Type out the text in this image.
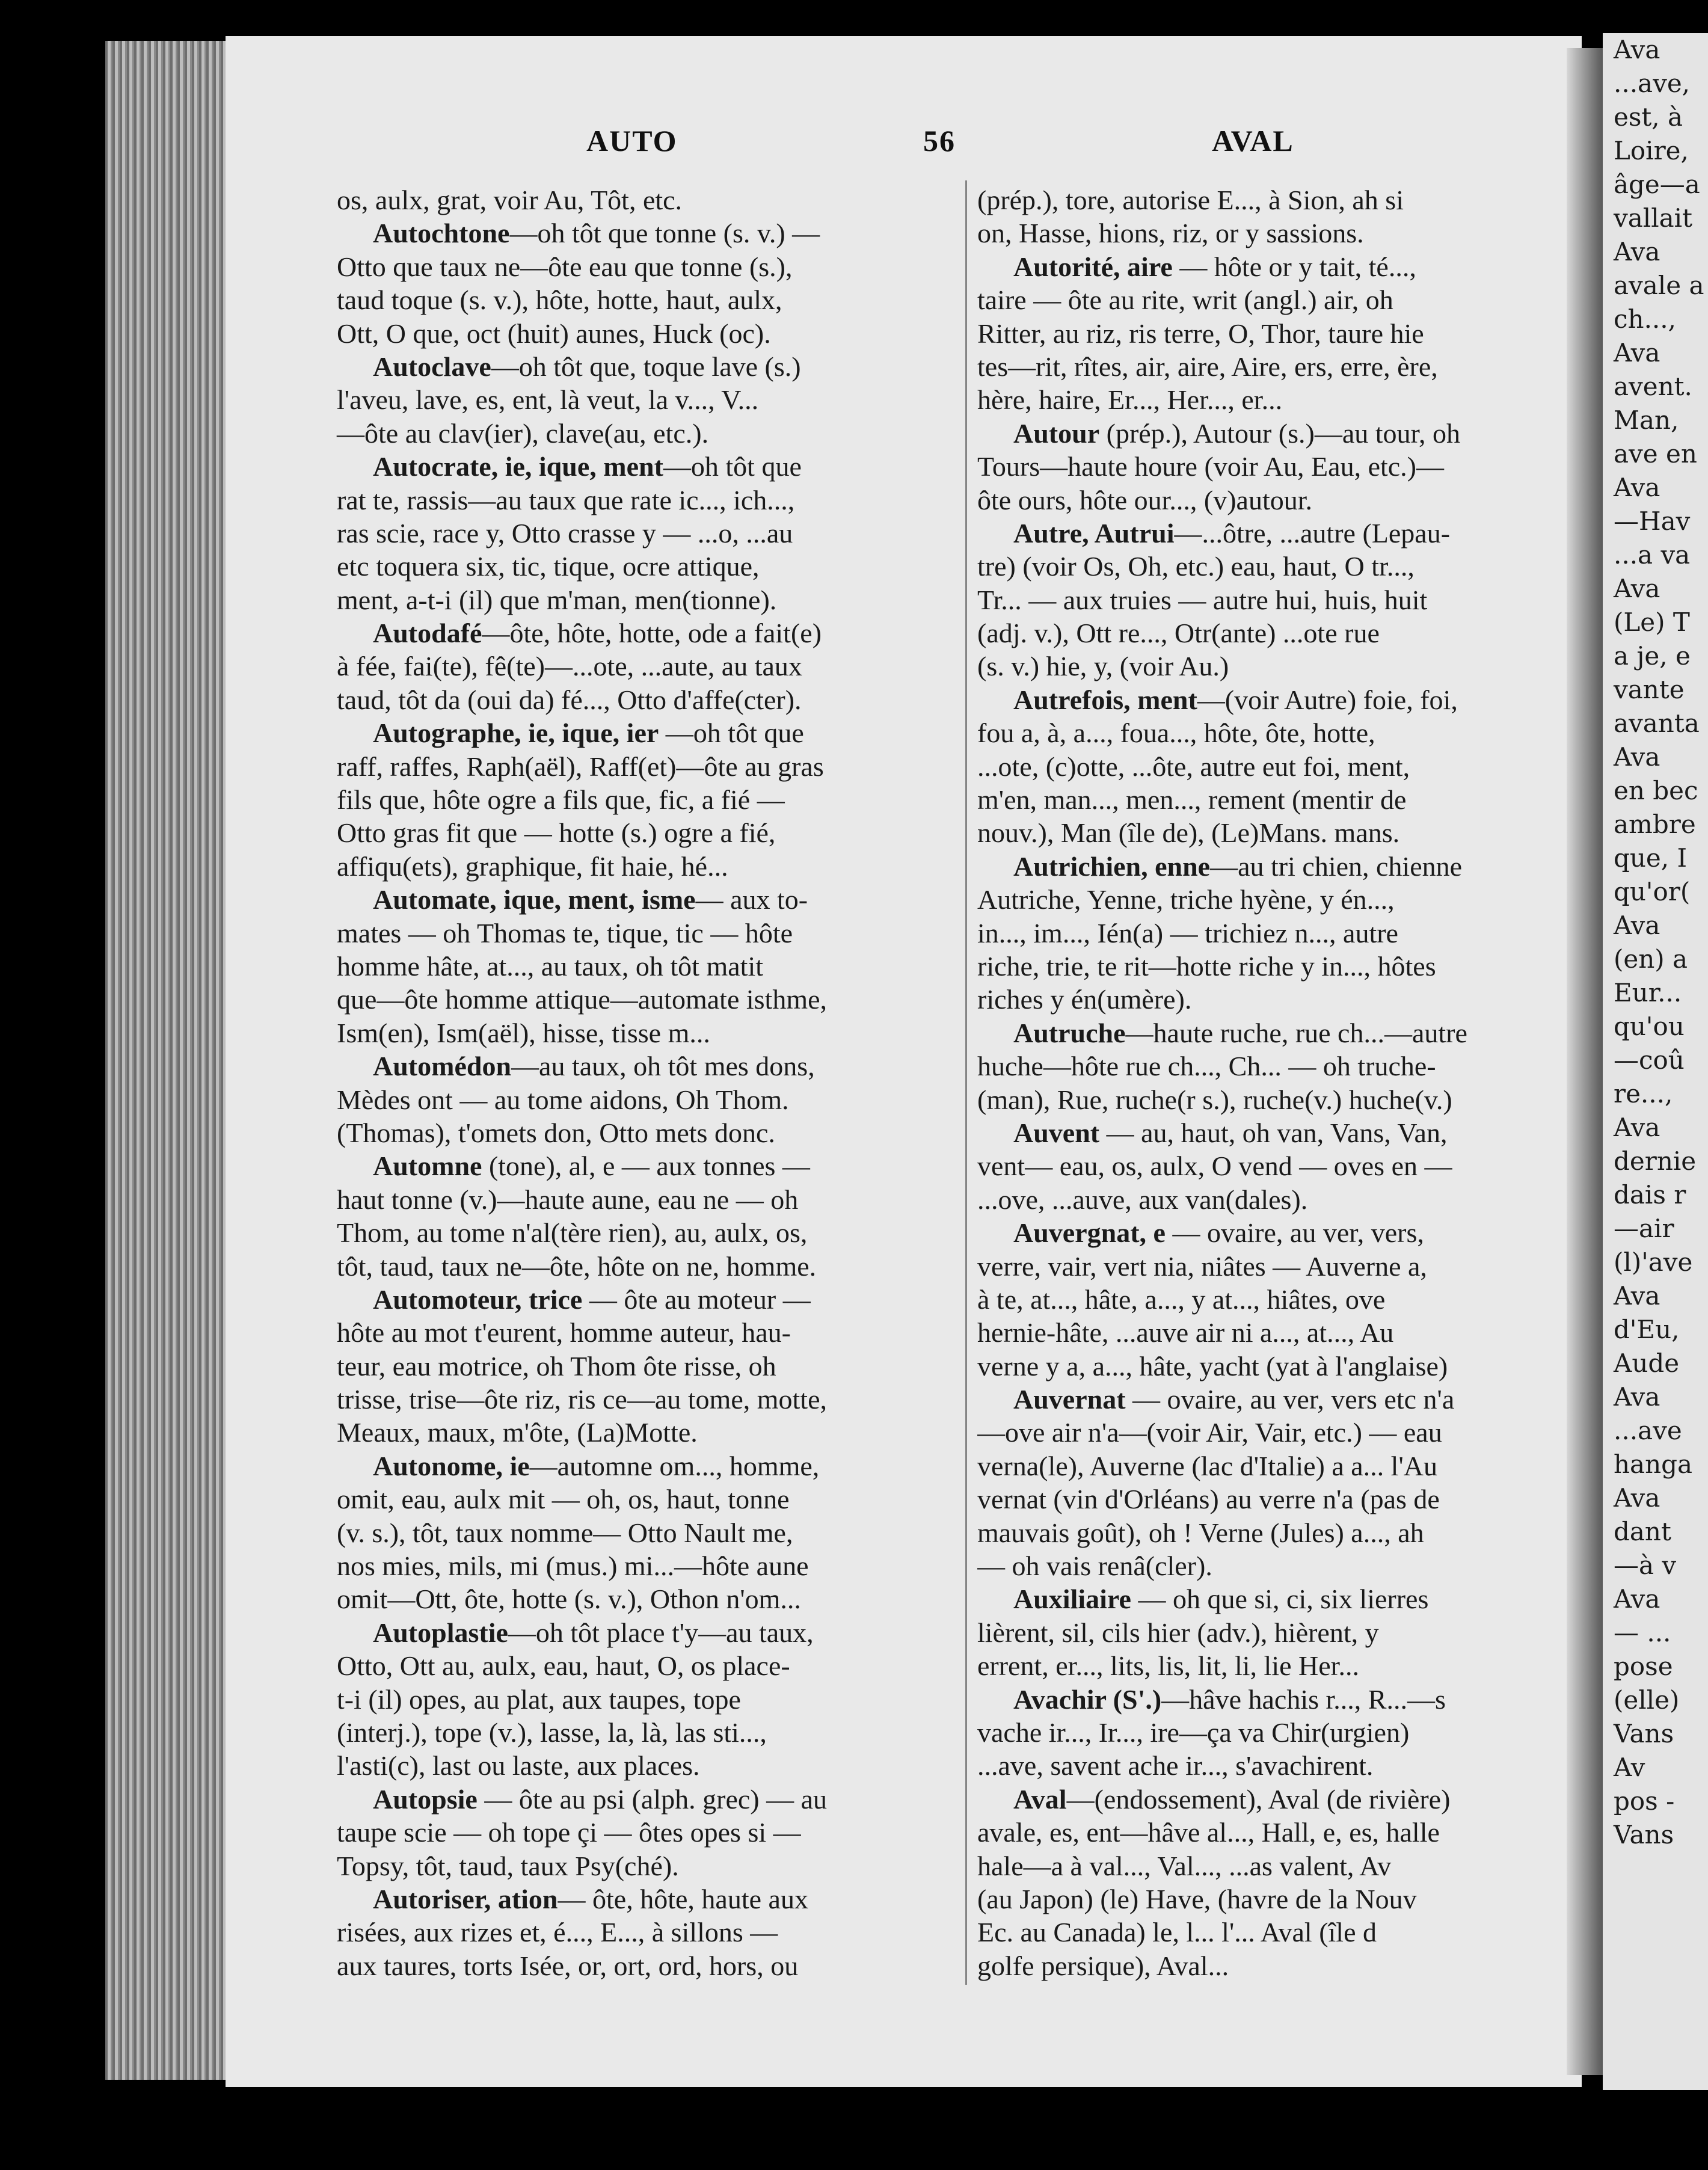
AUTO	56	AVAL
os, aulx, grat, voir Au, Tôt, etc.
Autochtone—oh tôt que tonne (s. v.) —
Otto que taux ne—ôte eau que tonne (s.),
taud toque (s. v.), hôte, hotte, haut, aulx,
Ott, O que, oct (huit) aunes, Huck (oc).
Autoclave—oh tôt que, toque lave (s.)
l'aveu, lave, es, ent, là veut, la v..., V...
—ôte au clav(ier), clave(au, etc.).
Autocrate, ie, ique, ment—oh tôt que
rat te, rassis—au taux que rate ic..., ich...,
ras scie, race y, Otto crasse y — ...o, ...au
etc toquera six, tic, tique, ocre attique,
ment, a-t-i (il) que m'man, men(tionne).
Autodafé—ôte, hôte, hotte, ode a fait(e)
à fée, fai(te), fê(te)—...ote, ...aute, au taux
taud, tôt da (oui da) fé..., Otto d'affe(cter).
Autographe, ie, ique, ier —oh tôt que
raff, raffes, Raph(aël), Raff(et)—ôte au gras
fils que, hôte ogre a fils que, fic, a fié —
Otto gras fit que — hotte (s.) ogre a fié,
affiqu(ets), graphique, fit haie, hé...
Automate, ique, ment, isme— aux to-
mates — oh Thomas te, tique, tic — hôte
homme hâte, at..., au taux, oh tôt matit
que—ôte homme attique—automate isthme,
Ism(en), Ism(aël), hisse, tisse m...
Automédon—au taux, oh tôt mes dons,
Mèdes ont — au tome aidons, Oh Thom.
(Thomas), t'omets don, Otto mets donc.
Automne (tone), al, e — aux tonnes —
haut tonne (v.)—haute aune, eau ne — oh
Thom, au tome n'al(tère rien), au, aulx, os,
tôt, taud, taux ne—ôte, hôte on ne, homme.
Automoteur, trice — ôte au moteur —
hôte au mot t'eurent, homme auteur, hau-
teur, eau motrice, oh Thom ôte risse, oh
trisse, trise—ôte riz, ris ce—au tome, motte,
Meaux, maux, m'ôte, (La)Motte.
Autonome, ie—automne om..., homme,
omit, eau, aulx mit — oh, os, haut, tonne
(v. s.), tôt, taux nomme— Otto Nault me,
nos mies, mils, mi (mus.) mi...—hôte aune
omit—Ott, ôte, hotte (s. v.), Othon n'om...
Autoplastie—oh tôt place t'y—au taux,
Otto, Ott au, aulx, eau, haut, O, os place-
t-i (il) opes, au plat, aux taupes, tope
(interj.), tope (v.), lasse, la, là, las sti...,
l'asti(c), last ou laste, aux places.
Autopsie — ôte au psi (alph. grec) — au
taupe scie — oh tope çi — ôtes opes si —
Topsy, tôt, taud, taux Psy(ché).
Autoriser, ation— ôte, hôte, haute aux
risées, aux rizes et, é..., E..., à sillons —
aux taures, torts Isée, or, ort, ord, hors, ou
(prép.), tore, autorise E..., à Sion, ah si
on, Hasse, hions, riz, or y sassions.
Autorité, aire — hôte or y tait, té...,
taire — ôte au rite, writ (angl.) air, oh
Ritter, au riz, ris terre, O, Thor, taure hie
tes—rit, rîtes, air, aire, Aire, ers, erre, ère,
hère, haire, Er..., Her..., er...
Autour (prép.), Autour (s.)—au tour, oh
Tours—haute houre (voir Au, Eau, etc.)—
ôte ours, hôte our..., (v)autour.
Autre, Autrui—...ôtre, ...autre (Lepau-
tre) (voir Os, Oh, etc.) eau, haut, O tr...,
Tr... — aux truies — autre hui, huis, huit
(adj. v.), Ott re..., Otr(ante) ...ote rue
(s. v.) hie, y, (voir Au.)
Autrefois, ment—(voir Autre) foie, foi,
fou a, à, a..., foua..., hôte, ôte, hotte,
...ote, (c)otte, ...ôte, autre eut foi, ment,
m'en, man..., men..., rement (mentir de
nouv.), Man (île de), (Le)Mans. mans.
Autrichien, enne—au tri chien, chienne
Autriche, Yenne, triche hyène, y én...,
in..., im..., Ién(a) — trichiez n..., autre
riche, trie, te rit—hotte riche y in..., hôtes
riches y én(umère).
Autruche—haute ruche, rue ch...—autre
huche—hôte rue ch..., Ch... — oh truche-
(man), Rue, ruche(r s.), ruche(v.) huche(v.)
Auvent — au, haut, oh van, Vans, Van,
vent— eau, os, aulx, O vend — oves en —
...ove, ...auve, aux van(dales).
Auvergnat, e — ovaire, au ver, vers,
verre, vair, vert nia, niâtes — Auverne a,
à te, at..., hâte, a..., y at..., hiâtes, ove
hernie-hâte, ...auve air ni a..., at..., Au
verne y a, a..., hâte, yacht (yat à l'anglaise)
Auvernat — ovaire, au ver, vers etc n'a
—ove air n'a—(voir Air, Vair, etc.) — eau
verna(le), Auverne (lac d'Italie) a a... l'Au
vernat (vin d'Orléans) au verre n'a (pas de
mauvais goût), oh ! Verne (Jules) a..., ah
— oh vais renâ(cler).
Auxiliaire — oh que si, ci, six lierres
lièrent, sil, cils hier (adv.), hièrent, y
errent, er..., lits, lis, lit, li, lie Her...
Avachir (S'.)—hâve hachis r..., R...—s
vache ir..., Ir..., ire—ça va Chir(urgien)
...ave, savent ache ir..., s'avachirent.
Aval—(endossement), Aval (de rivière)
avale, es, ent—hâve al..., Hall, e, es, halle
hale—a à val..., Val..., ...as valent, Av
(au Japon) (le) Have, (havre de la Nouv
Ec. au Canada) le, l... l'... Aval (île d
golfe persique), Aval...
Ava
...ave,
est, à
Loire,
âge—a
vallait
Ava
avale a
ch...,
Ava
avent.
Man,
ave en
Ava
—Hav
...a va
Ava
(Le) T
a je, e
vante
avanta
Ava
en bec
ambre
que, I
qu'or(
Ava
(en) a
Eur...
qu'ou
—coû
re...,
Ava
dernie
dais r
—air
(l)'ave
Ava
d'Eu,
Aude
Ava
...ave
hanga
Ava
dant
—à v
Ava
— ...
pose
(elle)
Vans
Av
pos -
Vans
